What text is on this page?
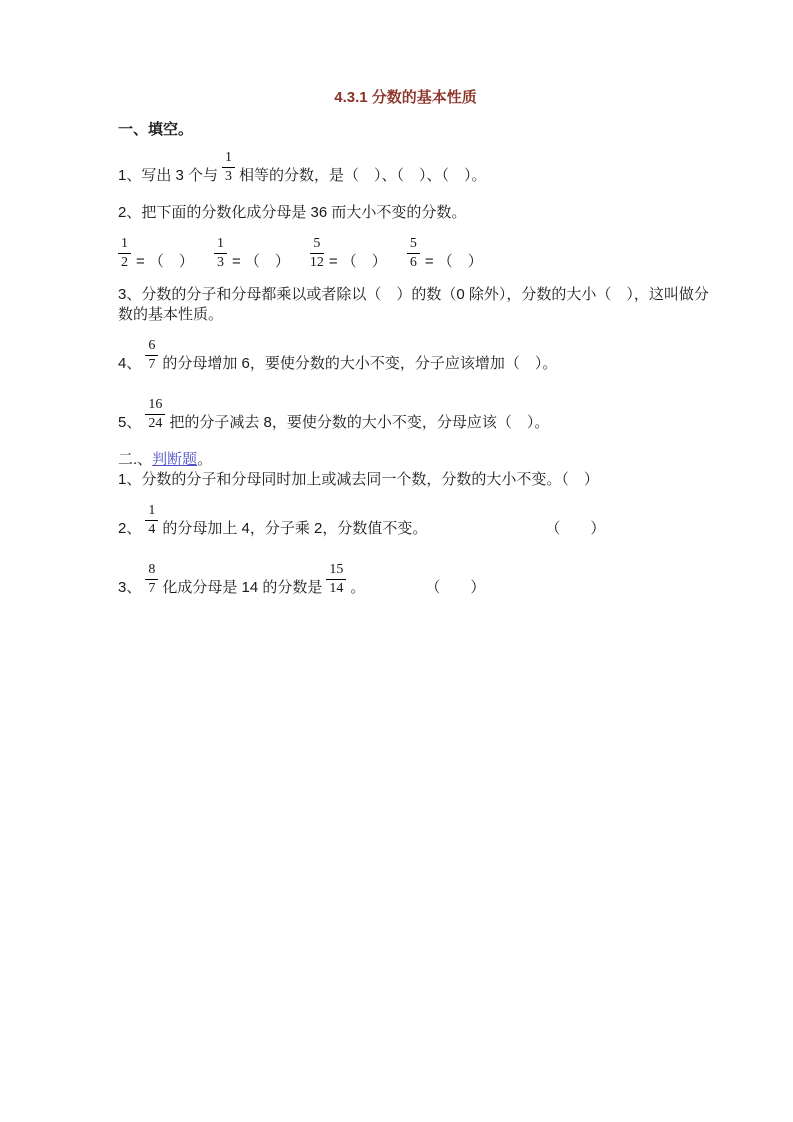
4.3.1 分数的基本性质
一、填空。
1、写出 3 个与 $\frac{1}{3}$ 相等的分数，是（　）、（　）、（　）。
2、把下面的分数化成分母是 36 而大小不变的分数。
$\frac{1}{2}$ = （　） $\frac{1}{3}$ = （　） $\frac{5}{12}$ = （　） $\frac{5}{6}$ = （　）
3、分数的分子和分母都乘以或者除以（　）的数（0 除外），分数的大小（　），这叫做分
数的基本性质。
4、 $\frac{6}{7}$ 的分母增加 6，要使分数的大小不变，分子应该增加（　）。
5、 $\frac{16}{24}$ 把的分子减去 8，要使分数的大小不变，分母应该（　）。
二.、判断题。
1、分数的分子和分母同时加上或减去同一个数，分数的大小不变。（　）
2、 $\frac{1}{4}$ 的分母加上 4，分子乘 2，分数值不变。	（　　）
3、 $\frac{8}{7}$ 化成分母是 14 的分数是 $\frac{15}{14}$ 。	（　　）
